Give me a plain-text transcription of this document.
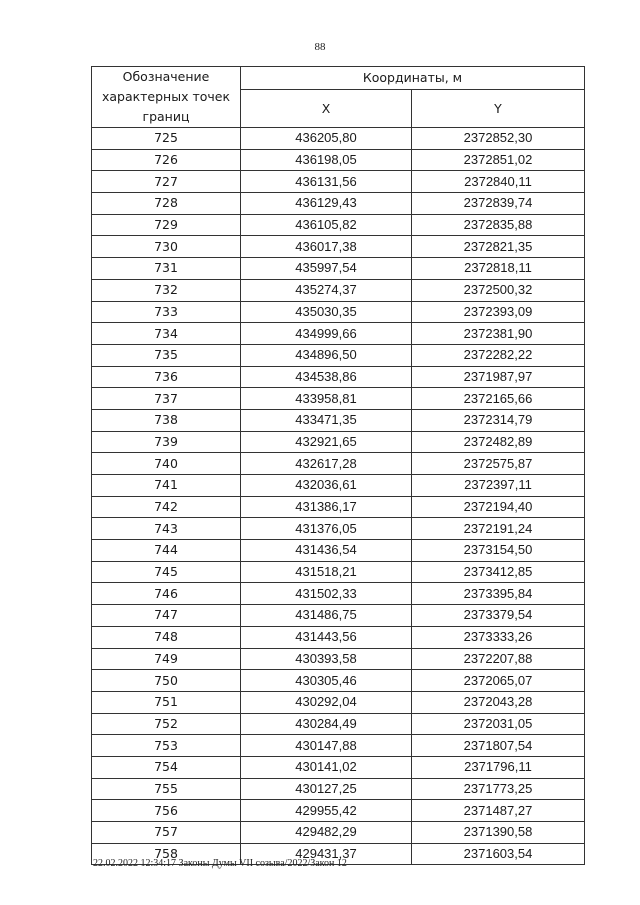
88
Обозначение характерных точек границ	Координаты, м	
	X	Y
725	436205,80	2372852,30
726	436198,05	2372851,02
727	436131,56	2372840,11
728	436129,43	2372839,74
729	436105,82	2372835,88
730	436017,38	2372821,35
731	435997,54	2372818,11
732	435274,37	2372500,32
733	435030,35	2372393,09
734	434999,66	2372381,90
735	434896,50	2372282,22
736	434538,86	2371987,97
737	433958,81	2372165,66
738	433471,35	2372314,79
739	432921,65	2372482,89
740	432617,28	2372575,87
741	432036,61	2372397,11
742	431386,17	2372194,40
743	431376,05	2372191,24
744	431436,54	2373154,50
745	431518,21	2373412,85
746	431502,33	2373395,84
747	431486,75	2373379,54
748	431443,56	2373333,26
749	430393,58	2372207,88
750	430305,46	2372065,07
751	430292,04	2372043,28
752	430284,49	2372031,05
753	430147,88	2371807,54
754	430141,02	2371796,11
755	430127,25	2371773,25
756	429955,42	2371487,27
757	429482,29	2371390,58
758	429431,37	2371603,54
22.02.2022 12:34:17 Законы Думы VII созыва/2022/Закон 12
